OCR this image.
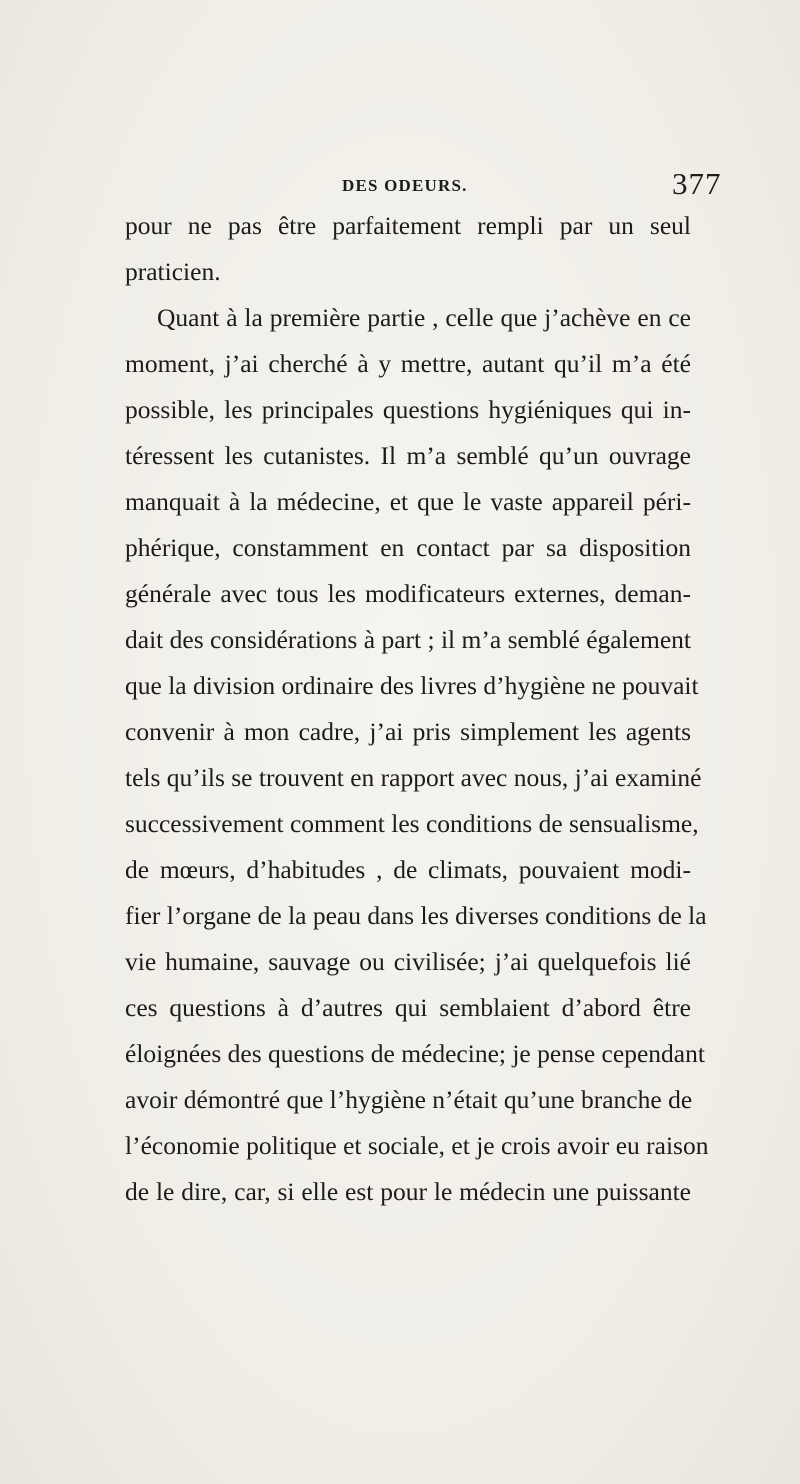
DES ODEURS.	377
pour ne pas être parfaitement rempli par un seul
praticien.
Quant à la première partie , celle que j’achève en ce
moment, j’ai cherché à y mettre, autant qu’il m’a été
possible, les principales questions hygiéniques qui in-
téressent les cutanistes. Il m’a semblé qu’un ouvrage
manquait à la médecine, et que le vaste appareil péri-
phérique, constamment en contact par sa disposition
générale avec tous les modificateurs externes, deman-
dait des considérations à part ; il m’a semblé également
que la division ordinaire des livres d’hygiène ne pouvait
convenir à mon cadre, j’ai pris simplement les agents
tels qu’ils se trouvent en rapport avec nous, j’ai examiné
successivement comment les conditions de sensualisme,
de mœurs, d’habitudes , de climats, pouvaient modi-
fier l’organe de la peau dans les diverses conditions de la
vie humaine, sauvage ou civilisée; j’ai quelquefois lié
ces questions à d’autres qui semblaient d’abord être
éloignées des questions de médecine; je pense cependant
avoir démontré que l’hygiène n’était qu’une branche de
l’économie politique et sociale, et je crois avoir eu raison
de le dire, car, si elle est pour le médecin une puissante
